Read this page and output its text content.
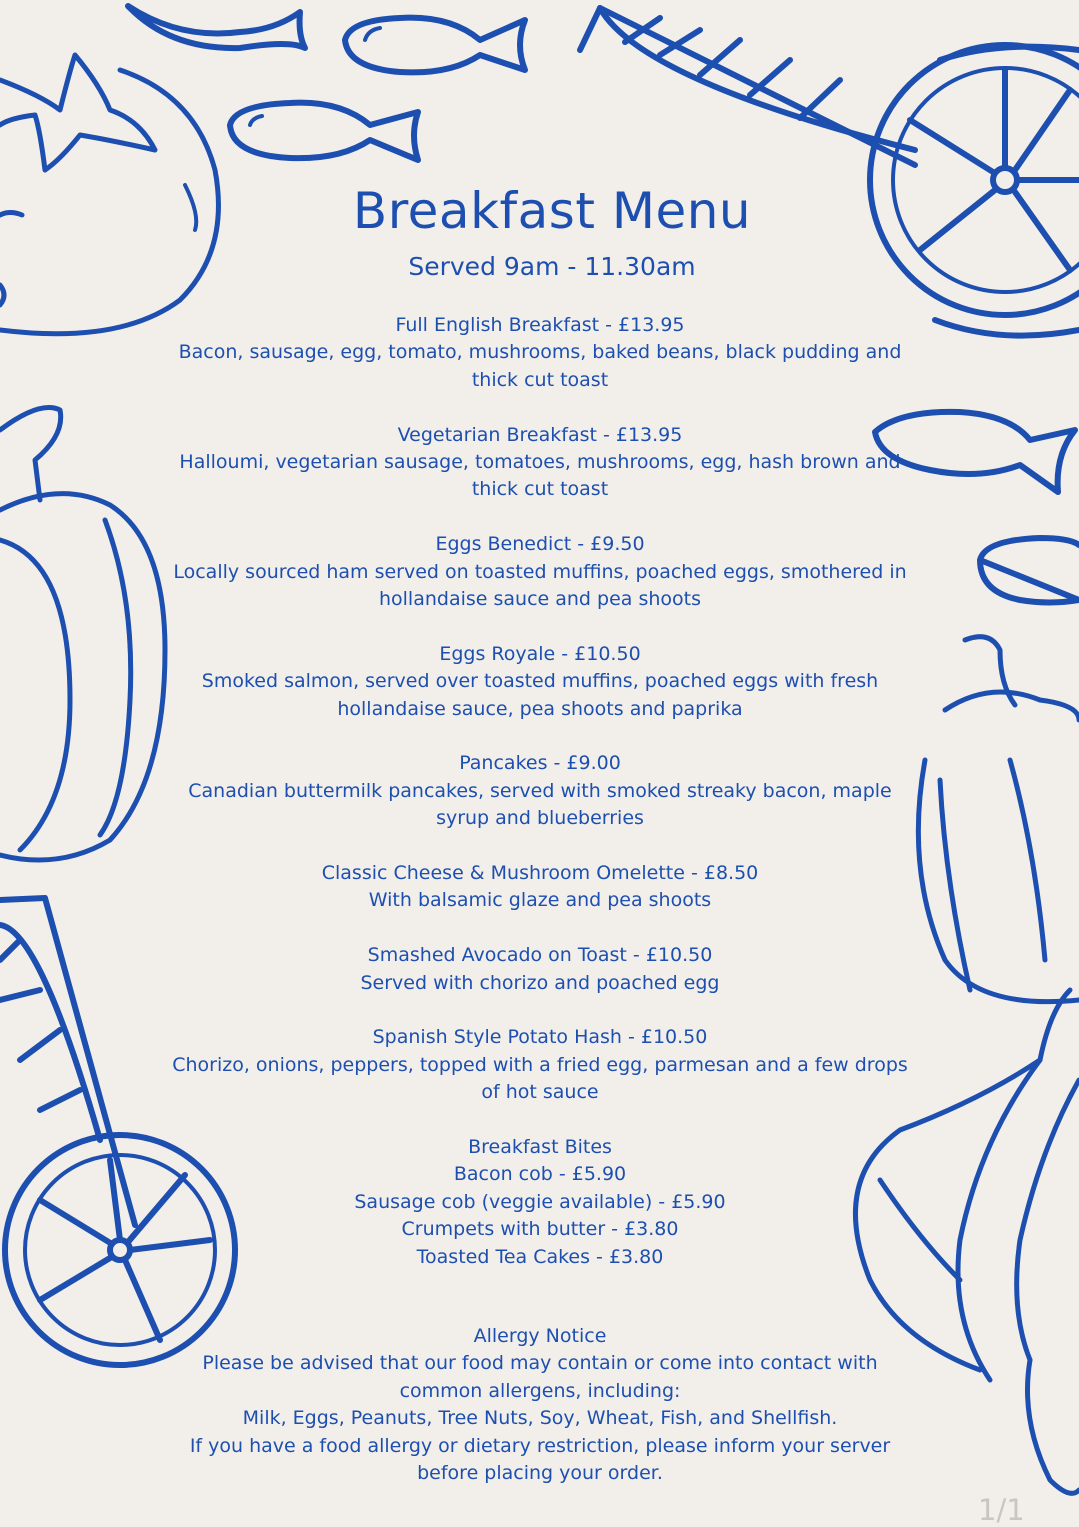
Breakfast Menu
Served 9am - 11.30am
Full English Breakfast - £13.95
Bacon, sausage, egg, tomato, mushrooms, baked beans, black pudding and
thick cut toast
Vegetarian Breakfast - £13.95
Halloumi, vegetarian sausage, tomatoes, mushrooms, egg, hash brown and
thick cut toast
Eggs Benedict - £9.50
Locally sourced ham served on toasted muffins, poached eggs, smothered in
hollandaise sauce and pea shoots
Eggs Royale - £10.50
Smoked salmon, served over toasted muffins, poached eggs with fresh
hollandaise sauce, pea shoots and paprika
Pancakes - £9.00
Canadian buttermilk pancakes, served with smoked streaky bacon, maple
syrup and blueberries
Classic Cheese & Mushroom Omelette - £8.50
With balsamic glaze and pea shoots
Smashed Avocado on Toast - £10.50
Served with chorizo and poached egg
Spanish Style Potato Hash - £10.50
Chorizo, onions, peppers, topped with a fried egg, parmesan and a few drops
of hot sauce
Breakfast Bites
Bacon cob - £5.90
Sausage cob (veggie available) - £5.90
Crumpets with butter - £3.80
Toasted Tea Cakes - £3.80
Allergy Notice
Please be advised that our food may contain or come into contact with
common allergens, including:
Milk, Eggs, Peanuts, Tree Nuts, Soy, Wheat, Fish, and Shellfish.
If you have a food allergy or dietary restriction, please inform your server
before placing your order.
1/1
